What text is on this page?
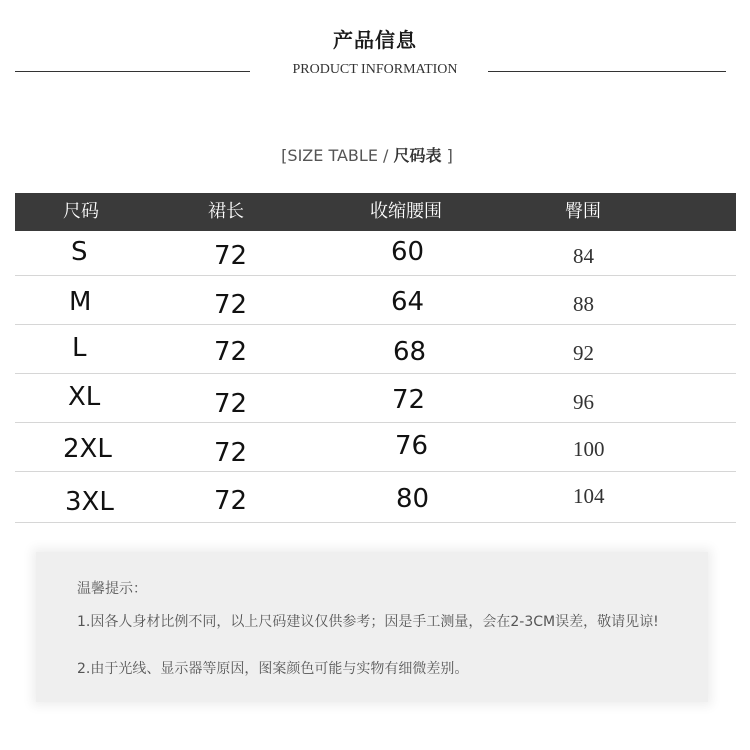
产品信息
PRODUCT INFORMATION
[SIZE TABLE / 尺码表 ]
尺码	裙长	收缩腰围	臀围
S	72	60	84
M	72	64	88
L	72	68	92
XL	72	72	96
2XL	72	76	100
3XL	72	80	104
温馨提示：
1.因各人身材比例不同，以上尺码建议仅供参考；因是手工测量，会在2-3CM误差，敬请见谅!
2.由于光线、显示器等原因，图案颜色可能与实物有细微差别。
